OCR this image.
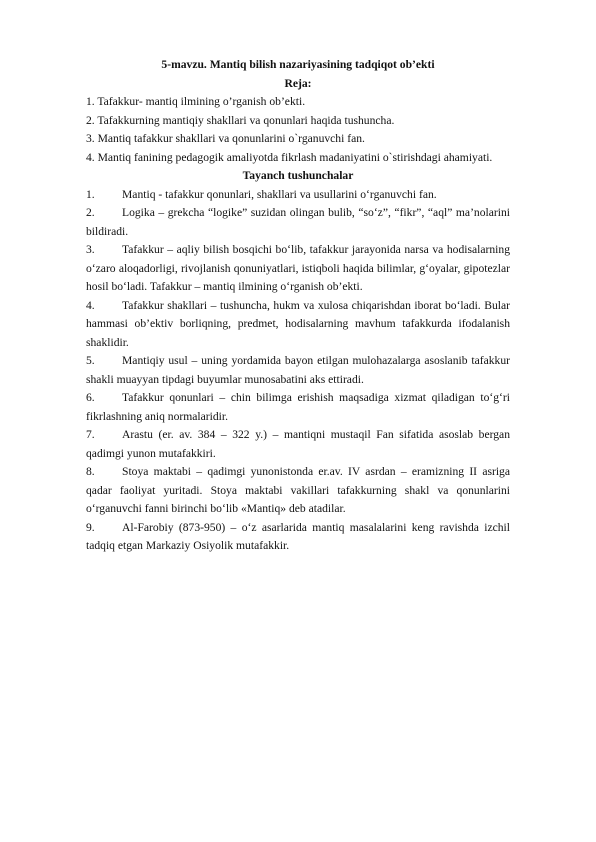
5-mavzu. Mantiq bilish nazariyasining tadqiqot ob’ekti

Reja:

1. Tafakkur- mantiq ilmining o’rganish ob’ekti.

2. Tafakkurning mantiqiy shakllari va qonunlari haqida tushuncha.

3. Mantiq tafakkur shakllari va qonunlarini o`rganuvchi fan.

4. Mantiq fanining pedagogik amaliyotda fikrlash madaniyatini o`stirishdagi ahamiyati.

Tayanch tushunchalar

1. Mantiq - tafakkur qonunlari, shakllari va usullarini o‘rganuvchi fan.

2. Logika – grekcha “logike” suzidan olingan bulib, “so‘z”, “fikr”, “aql” ma’nolarini bildiradi.

3. Tafakkur – aqliy bilish bosqichi bo‘lib, tafakkur jarayonida narsa va hodisalarning o‘zaro aloqadorligi, rivojlanish qonuniyatlari, istiqboli haqida bilimlar, g‘oyalar, gipotezlar hosil bo‘ladi. Tafakkur – mantiq ilmining o‘rganish ob’ekti.

4. Tafakkur shakllari – tushuncha, hukm va xulosa chiqarishdan iborat bo‘ladi. Bular hammasi ob’ektiv borliqning, predmet, hodisalarning mavhum tafakkurda ifodalanish shaklidir.

5. Mantiqiy usul – uning yordamida bayon etilgan mulohazalarga asoslanib tafakkur shakli muayyan tipdagi buyumlar munosabatini aks ettiradi.

6. Tafakkur qonunlari – chin bilimga erishish maqsadiga xizmat qiladigan to‘g‘ri fikrlashning aniq normalaridir.

7. Arastu (er. av. 384 – 322 y.) – mantiqni mustaqil Fan sifatida asoslab bergan qadimgi yunon mutafakkiri.

8. Stoya maktabi – qadimgi yunonistonda er.av. IV asrdan – eramizning II asriga qadar faoliyat yuritadi. Stoya maktabi vakillari tafakkurning shakl va qonunlarini o‘rganuvchi fanni birinchi bo‘lib «Mantiq» deb atadilar.

9. Al-Farobiy (873-950) – o‘z asarlarida mantiq masalalarini keng ravishda izchil tadqiq etgan Markaziy Osiyolik mutafakkir.
